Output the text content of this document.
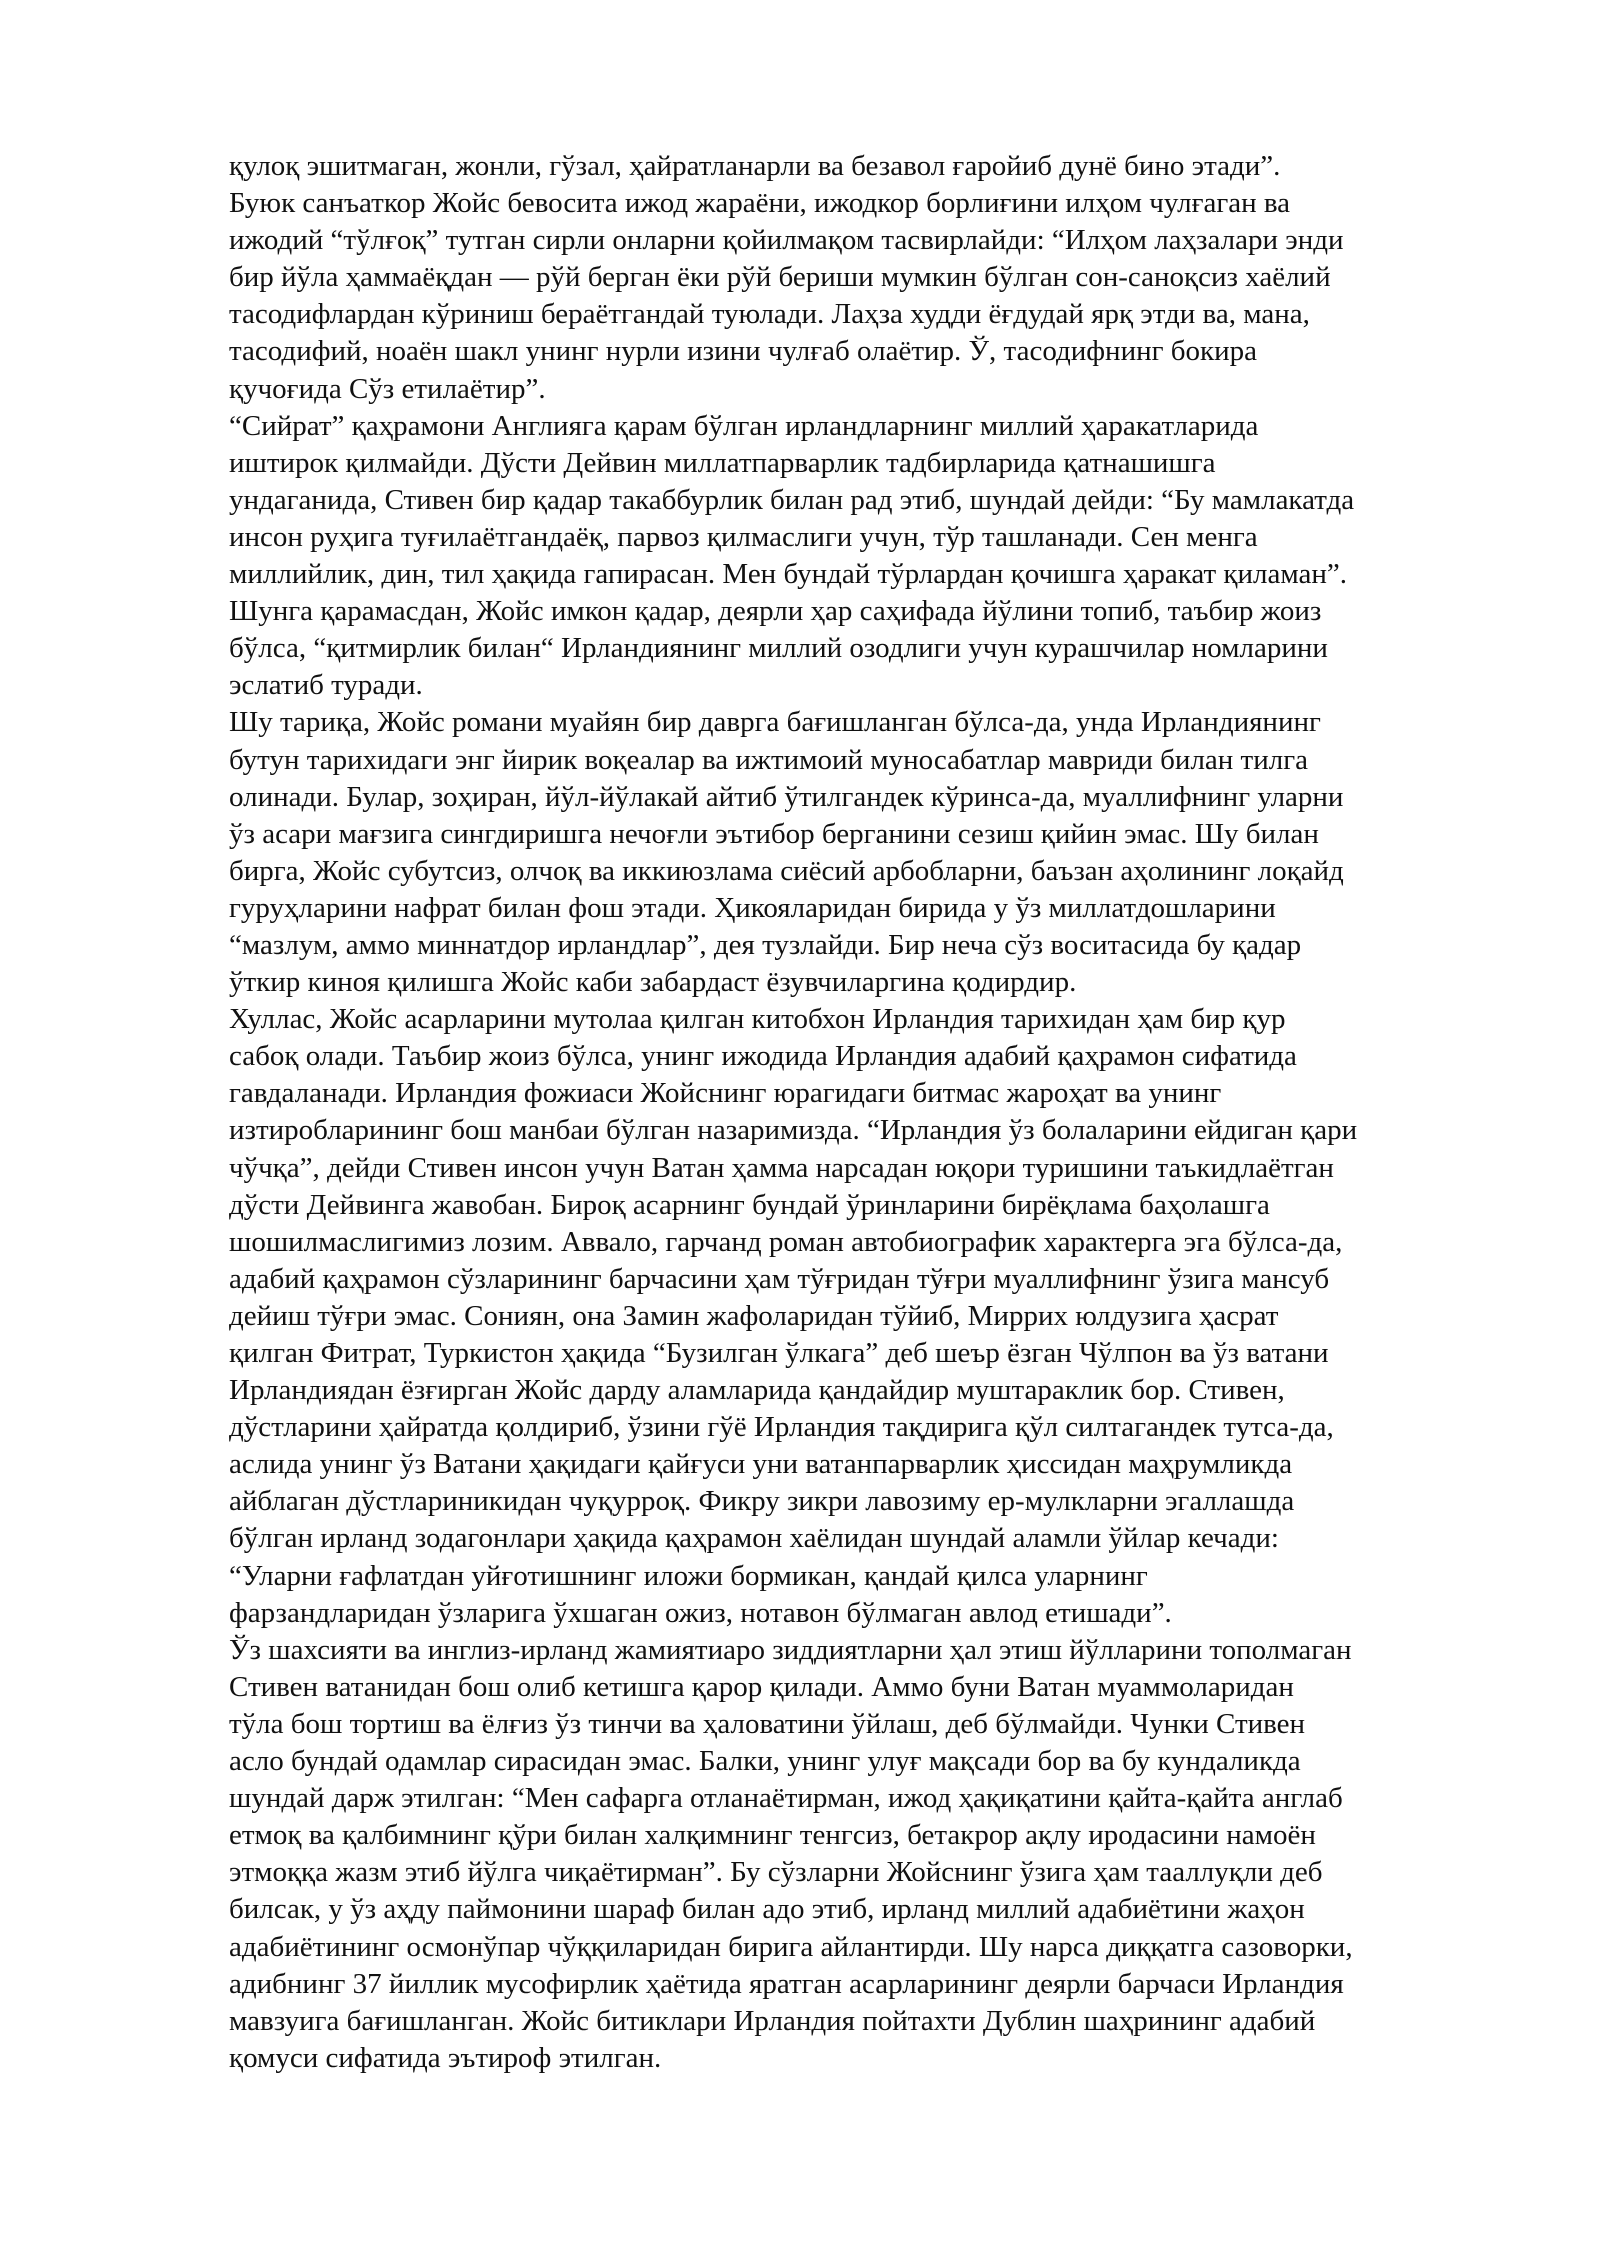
қулоқ эшитмаган, жонли, гўзал, ҳайратланарли ва безавол ғаройиб дунё бино этади”.
Буюк санъаткор Жойс бевосита ижод жараёни, ижодкор борлиғини илҳом чулғаган ва
ижодий “тўлғоқ” тутган сирли онларни қойилмақом тасвирлайди: “Илҳом лаҳзалари энди
бир йўла ҳаммаёқдан — рўй берган ёки рўй бериши мумкин бўлган сон-саноқсиз хаёлий
тасодифлардан кўриниш бераётгандай туюлади. Лаҳза худди ёғдудай ярқ этди ва, мана,
тасодифий, ноаён шакл унинг нурли изини чулғаб олаётир. Ў, тасодифнинг бокира
қучоғида Сўз етилаётир”.
“Сийрат” қаҳрамони Англияга қарам бўлган ирландларнинг миллий ҳаракатларида
иштирок қилмайди. Дўсти Дейвин миллатпарварлик тадбирларида қатнашишга
ундаганида, Стивен бир қадар такаббурлик билан рад этиб, шундай дейди: “Бу мамлакатда
инсон руҳига туғилаётгандаёқ, парвоз қилмаслиги учун, тўр ташланади. Сен менга
миллийлик, дин, тил ҳақида гапирасан. Мен бундай тўрлардан қочишга ҳаракат қиламан”.
Шунга қарамасдан, Жойс имкон қадар, деярли ҳар саҳифада йўлини топиб, таъбир жоиз
бўлса, “қитмирлик билан“ Ирландиянинг миллий озодлиги учун курашчилар номларини
эслатиб туради.
Шу тариқа, Жойс романи муайян бир даврга бағишланган бўлса-да, унда Ирландиянинг
бутун тарихидаги энг йирик воқеалар ва ижтимоий муносабатлар мавриди билан тилга
олинади. Булар, зоҳиран, йўл-йўлакай айтиб ўтилгандек кўринса-да, муаллифнинг уларни
ўз асари мағзига сингдиришга нечоғли эътибор берганини сезиш қийин эмас. Шу билан
бирга, Жойс субутсиз, олчоқ ва иккиюзлама сиёсий арбобларни, баъзан аҳолининг лоқайд
гуруҳларини нафрат билан фош этади. Ҳикояларидан бирида у ўз миллатдошларини
“мазлум, аммо миннатдор ирландлар”, дея тузлайди. Бир неча сўз воситасида бу қадар
ўткир киноя қилишга Жойс каби забардаст ёзувчиларгина қодирдир.
Хуллас, Жойс асарларини мутолаа қилган китобхон Ирландия тарихидан ҳам бир қур
сабоқ олади. Таъбир жоиз бўлса, унинг ижодида Ирландия адабий қаҳрамон сифатида
гавдаланади. Ирландия фожиаси Жойснинг юрагидаги битмас жароҳат ва унинг
изтиробларининг бош манбаи бўлган назаримизда. “Ирландия ўз болаларини ейдиган қари
чўчқа”, дейди Стивен инсон учун Ватан ҳамма нарсадан юқори туришини таъкидлаётган
дўсти Дейвинга жавобан. Бироқ асарнинг бундай ўринларини бирёқлама баҳолашга
шошилмаслигимиз лозим. Аввало, гарчанд роман автобиографик характерга эга бўлса-да,
адабий қаҳрамон сўзларининг барчасини ҳам тўғридан тўғри муаллифнинг ўзига мансуб
дейиш тўғри эмас. Сониян, она Замин жафоларидан тўйиб, Миррих юлдузига ҳасрат
қилган Фитрат, Туркистон ҳақида “Бузилган ўлкага” деб шеър ёзган Чўлпон ва ўз ватани
Ирландиядан ёзғирган Жойс дарду аламларида қандайдир муштараклик бор. Стивен,
дўстларини ҳайратда қолдириб, ўзини гўё Ирландия тақдирига қўл силтагандек тутса-да,
аслида унинг ўз Ватани ҳақидаги қайғуси уни ватанпарварлик ҳиссидан маҳрумликда
айблаган дўстлариникидан чуқурроқ. Фикру зикри лавозиму ер-мулкларни эгаллашда
бўлган ирланд зодагонлари ҳақида қаҳрамон хаёлидан шундай аламли ўйлар кечади:
“Уларни ғафлатдан уйғотишнинг иложи бормикан, қандай қилса уларнинг
фарзандларидан ўзларига ўхшаган ожиз, нотавон бўлмаган авлод етишади”.
Ўз шахсияти ва инглиз-ирланд жамиятиаро зиддиятларни ҳал этиш йўлларини тополмаган
Стивен ватанидан бош олиб кетишга қарор қилади. Аммо буни Ватан муаммоларидан
тўла бош тортиш ва ёлғиз ўз тинчи ва ҳаловатини ўйлаш, деб бўлмайди. Чунки Стивен
асло бундай одамлар сирасидан эмас. Балки, унинг улуғ мақсади бор ва бу кундаликда
шундай дарж этилган: “Мен сафарга отланаётирман, ижод ҳақиқатини қайта-қайта англаб
етмоқ ва қалбимнинг қўри билан халқимнинг тенгсиз, бетакрор ақлу иродасини намоён
этмоққа жазм этиб йўлга чиқаётирман”. Бу сўзларни Жойснинг ўзига ҳам тааллуқли деб
билсак, у ўз аҳду паймонини шараф билан адо этиб, ирланд миллий адабиётини жаҳон
адабиётининг осмонўпар чўққиларидан бирига айлантирди. Шу нарса диққатга сазоворки,
адибнинг 37 йиллик мусофирлик ҳаётида яратган асарларининг деярли барчаси Ирландия
мавзуига бағишланган. Жойс битиклари Ирландия пойтахти Дублин шаҳрининг адабий
қомуси сифатида эътироф этилган.
